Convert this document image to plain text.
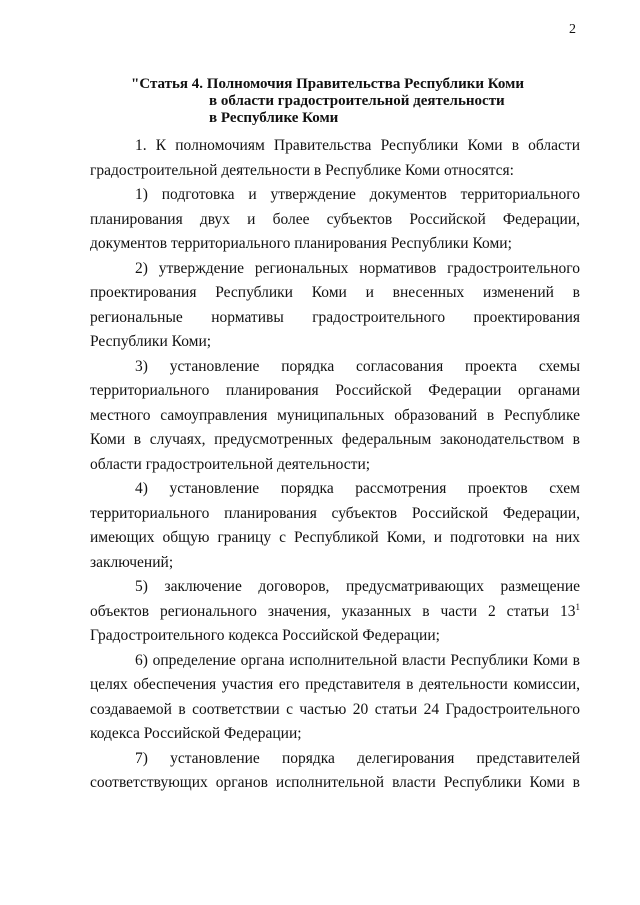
2
"Статья 4. Полномочия Правительства Республики Коми
в области градостроительной деятельности
в Республике Коми

1. К полномочиям Правительства Республики Коми в области градостроительной деятельности в Республике Коми относятся:

1) подготовка и утверждение документов территориального планирования двух и более субъектов Российской Федерации, документов территориального планирования Республики Коми;

2) утверждение региональных нормативов градостроительного проектирования Республики Коми и внесенных изменений в региональные нормативы градостроительного проектирования Республики Коми;

3) установление порядка согласования проекта схемы территориального планирования Российской Федерации органами местного самоуправления муниципальных образований в Республике Коми в случаях, предусмотренных федеральным законодательством в области градостроительной деятельности;

4) установление порядка рассмотрения проектов схем территориального планирования субъектов Российской Федерации, имеющих общую границу с Республикой Коми, и подготовки на них заключений;

5) заключение договоров, предусматривающих размещение объектов регионального значения, указанных в части 2 статьи $13^1$ Градостроительного кодекса Российской Федерации;

6) определение органа исполнительной власти Республики Коми в целях обеспечения участия его представителя в деятельности комиссии, создаваемой в соответствии с частью 20 статьи 24 Градостроительного кодекса Российской Федерации;

7) установление порядка делегирования представителей соответствующих органов исполнительной власти Республики Коми в
